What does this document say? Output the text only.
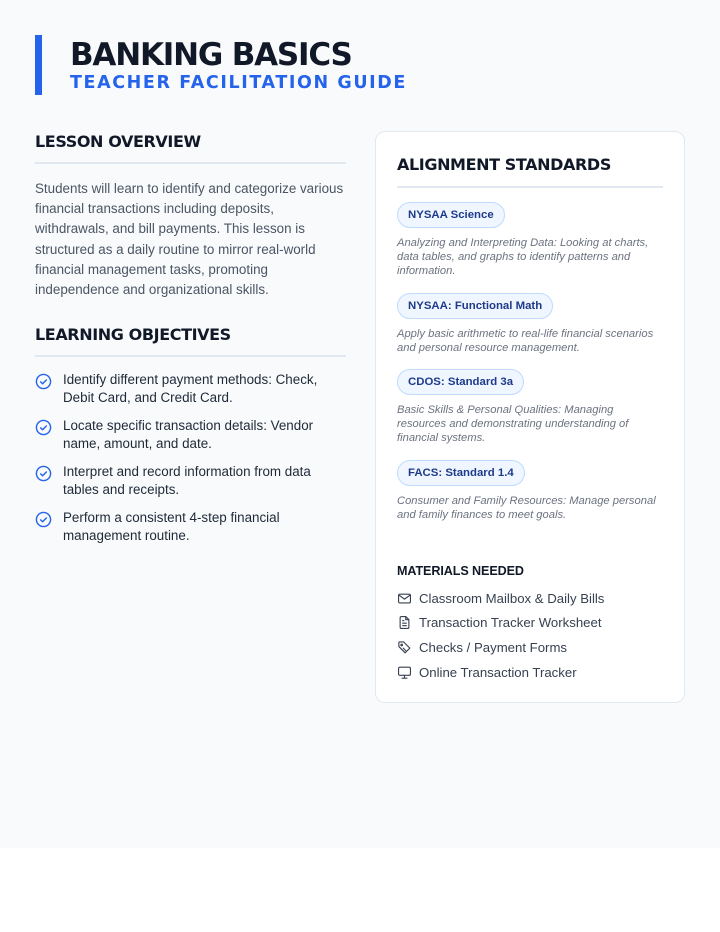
BANKING BASICS
TEACHER FACILITATION GUIDE
LESSON OVERVIEW

Students will learn to identify and categorize various financial transactions including deposits, withdrawals, and bill payments. This lesson is structured as a daily routine to mirror real-world financial management tasks, promoting independence and organizational skills.

LEARNING OBJECTIVES
Identify different payment methods: Check, Debit Card, and Credit Card.
Locate specific transaction details: Vendor name, amount, and date.
Interpret and record information from data tables and receipts.
Perform a consistent 4-step financial management routine.
ALIGNMENT STANDARDS
NYSAA Science

Analyzing and Interpreting Data: Looking at charts, data tables, and graphs to identify patterns and information.

NYSAA: Functional Math

Apply basic arithmetic to real-life financial scenarios and personal resource management.

CDOS: Standard 3a

Basic Skills & Personal Qualities: Managing resources and demonstrating understanding of financial systems.

FACS: Standard 1.4

Consumer and Family Resources: Manage personal and family finances to meet goals.

MATERIALS NEEDED
Classroom Mailbox & Daily Bills
Transaction Tracker Worksheet
Checks / Payment Forms
Online Transaction Tracker
